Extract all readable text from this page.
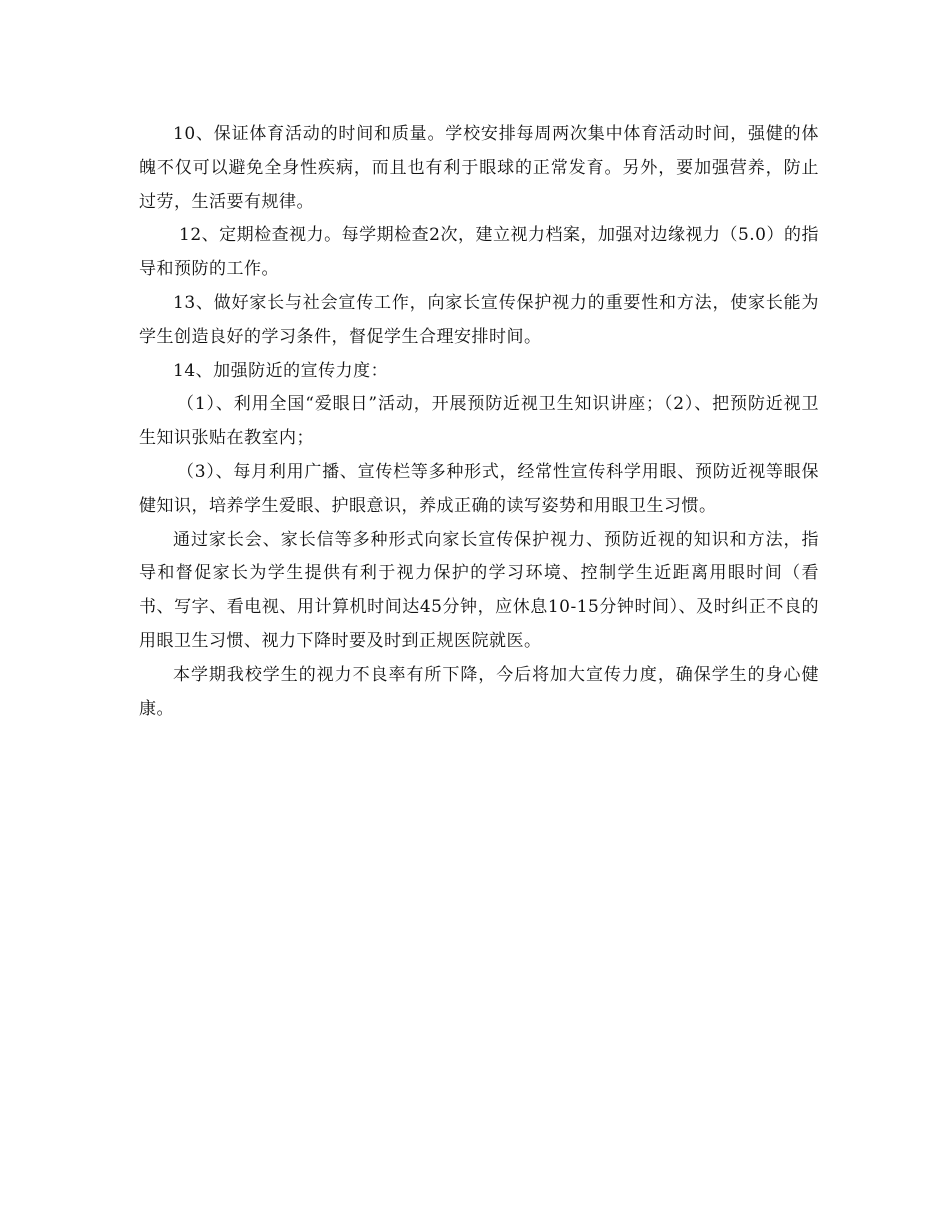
10、保证体育活动的时间和质量。学校安排每周两次集中体育活动时间，强健的体魄不仅可以避免全身性疾病，而且也有利于眼球的正常发育。另外，要加强营养，防止过劳，生活要有规律。

12、定期检查视力。每学期检查2次，建立视力档案，加强对边缘视力（5.0）的指导和预防的工作。

13、做好家长与社会宣传工作，向家长宣传保护视力的重要性和方法，使家长能为学生创造良好的学习条件，督促学生合理安排时间。

14、加强防近的宣传力度：

（1）、利用全国“爱眼日”活动，开展预防近视卫生知识讲座；（2）、把预防近视卫生知识张贴在教室内；

（3）、每月利用广播、宣传栏等多种形式，经常性宣传科学用眼、预防近视等眼保健知识，培养学生爱眼、护眼意识，养成正确的读写姿势和用眼卫生习惯。

通过家长会、家长信等多种形式向家长宣传保护视力、预防近视的知识和方法，指导和督促家长为学生提供有利于视力保护的学习环境、控制学生近距离用眼时间（看书、写字、看电视、用计算机时间达45分钟，应休息10-15分钟时间）、及时纠正不良的用眼卫生习惯、视力下降时要及时到正规医院就医。

本学期我校学生的视力不良率有所下降，今后将加大宣传力度，确保学生的身心健康。
